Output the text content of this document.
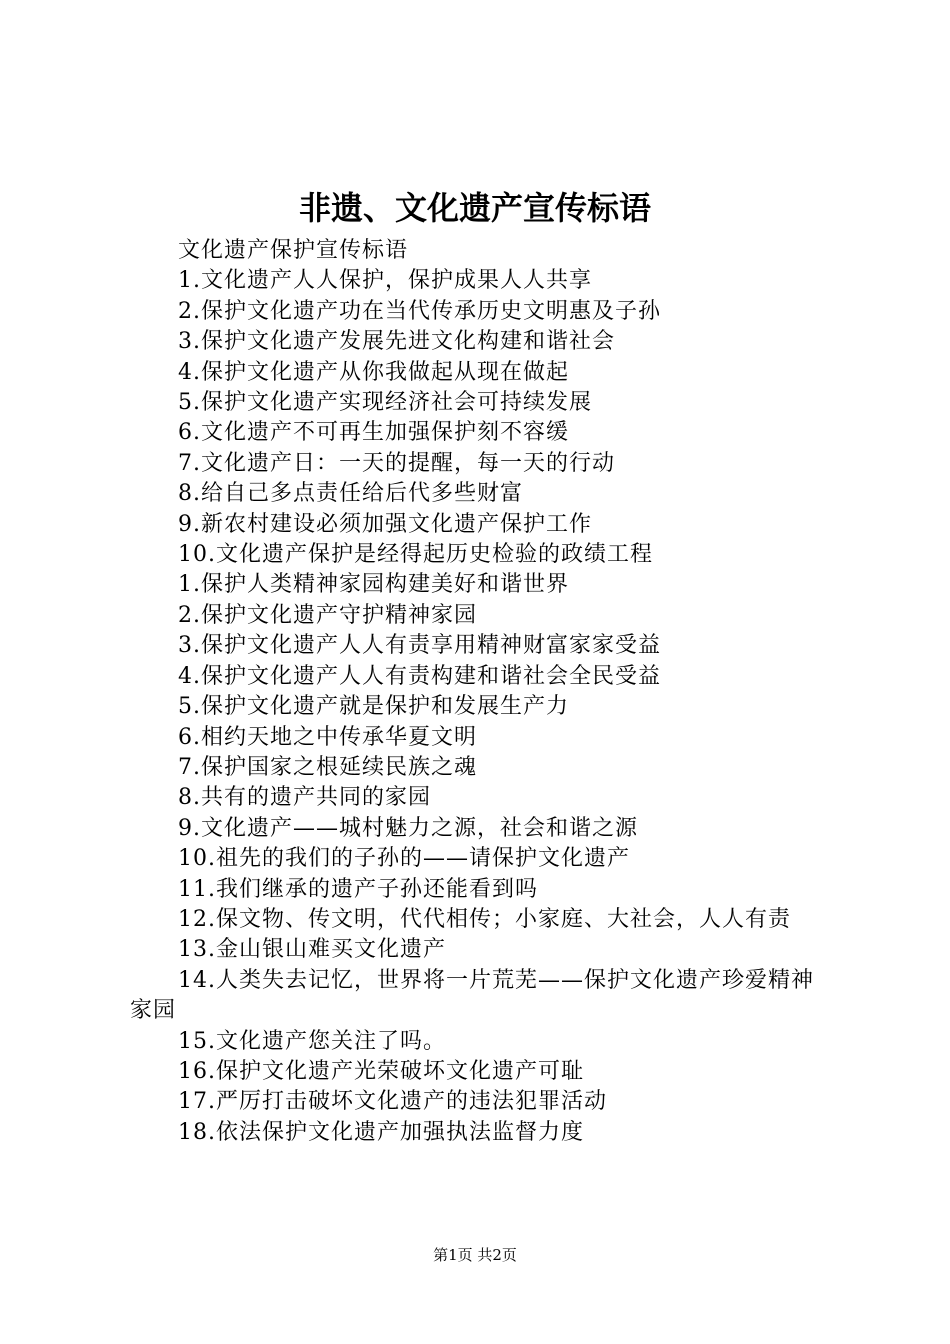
非遗、文化遗产宣传标语

文化遗产保护宣传标语

1.文化遗产人人保护，保护成果人人共享

2.保护文化遗产功在当代传承历史文明惠及子孙

3.保护文化遗产发展先进文化构建和谐社会

4.保护文化遗产从你我做起从现在做起

5.保护文化遗产实现经济社会可持续发展

6.文化遗产不可再生加强保护刻不容缓

7.文化遗产日：一天的提醒，每一天的行动

8.给自己多点责任给后代多些财富

9.新农村建设必须加强文化遗产保护工作

10.文化遗产保护是经得起历史检验的政绩工程

1.保护人类精神家园构建美好和谐世界

2.保护文化遗产守护精神家园

3.保护文化遗产人人有责享用精神财富家家受益

4.保护文化遗产人人有责构建和谐社会全民受益

5.保护文化遗产就是保护和发展生产力

6.相约天地之中传承华夏文明

7.保护国家之根延续民族之魂

8.共有的遗产共同的家园

9.文化遗产——城村魅力之源，社会和谐之源

10.祖先的我们的子孙的——请保护文化遗产

11.我们继承的遗产子孙还能看到吗

12.保文物、传文明，代代相传；小家庭、大社会，人人有责

13.金山银山难买文化遗产

14.人类失去记忆，世界将一片荒芜——保护文化遗产珍爱精神家园

15.文化遗产您关注了吗。

16.保护文化遗产光荣破坏文化遗产可耻

17.严厉打击破坏文化遗产的违法犯罪活动

18.依法保护文化遗产加强执法监督力度

第1页 共2页
